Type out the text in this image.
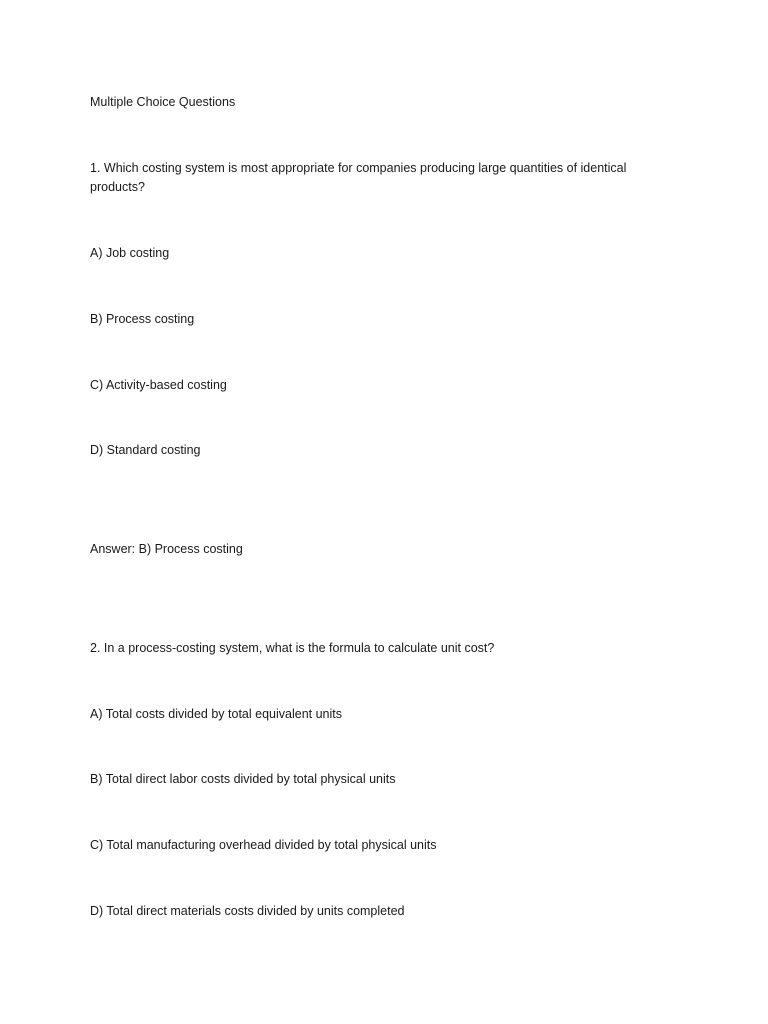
Multiple Choice Questions

1. Which costing system is most appropriate for companies producing large quantities of identical products?

A) Job costing

B) Process costing

C) Activity-based costing

D) Standard costing

Answer: B) Process costing

2. In a process-costing system, what is the formula to calculate unit cost?

A) Total costs divided by total equivalent units

B) Total direct labor costs divided by total physical units

C) Total manufacturing overhead divided by total physical units

D) Total direct materials costs divided by units completed
